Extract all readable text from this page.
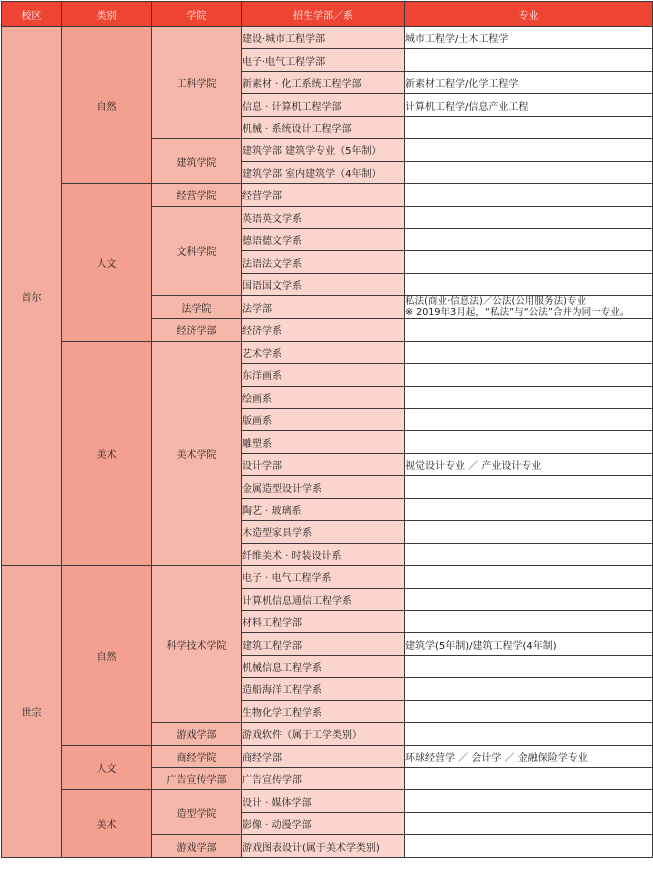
校区	类别	学院	招生学部／系	专业
首尔	自然	工科学院	建设·城市工程学部	城市工程学/土木工程学
			电子·电气工程学部	
			新素材 · 化工系统工程学部	新素材工程学/化学工程学
			信息 · 计算机工程学部	计算机工程学/信息产业工程
			机械 · 系统设计工程学部	
		建筑学院	建筑学部 建筑学专业（5年制）	
			建筑学部 室内建筑学（4年制）	
	人文	经营学院	经营学部	
		文科学院	英语英文学系	
			德语德文学系	
			法语法文学系	
			国语国文学系	
		法学院	法学部	私法(商业·信息法)／公法(公用服务法)专业
※ 2019年3月起，“私法”与“公法”合并为同一专业。

		经济学部	经济学系	
	美术	美术学院	艺术学系	
			东洋画系	
			绘画系	
			版画系	
			雕塑系	
			设计学部	视觉设计专业 ／ 产业设计专业
			金属造型设计学系	
			陶艺 · 玻璃系	
			木造型家具学系	
			纤维美术 · 时装设计系	
世宗	自然	科学技术学院	电子 · 电气工程学系	
			计算机信息通信工程学系	
			材料工程学部	
			建筑工程学部	建筑学(5年制)/建筑工程学(4年制)
			机械信息工程学系	
			造船海洋工程学系	
			生物化学工程学系	
		游戏学部	游戏软件（属于工学类别）	
	人文	商经学院	商经学部	环球经营学 ／ 会计学 ／ 金融保险学专业
		广告宣传学部	广告宣传学部	
	美术	造型学院	设计 · 媒体学部	
			影像 · 动漫学部	
		游戏学部	游戏图表设计(属于美术学类别)	
